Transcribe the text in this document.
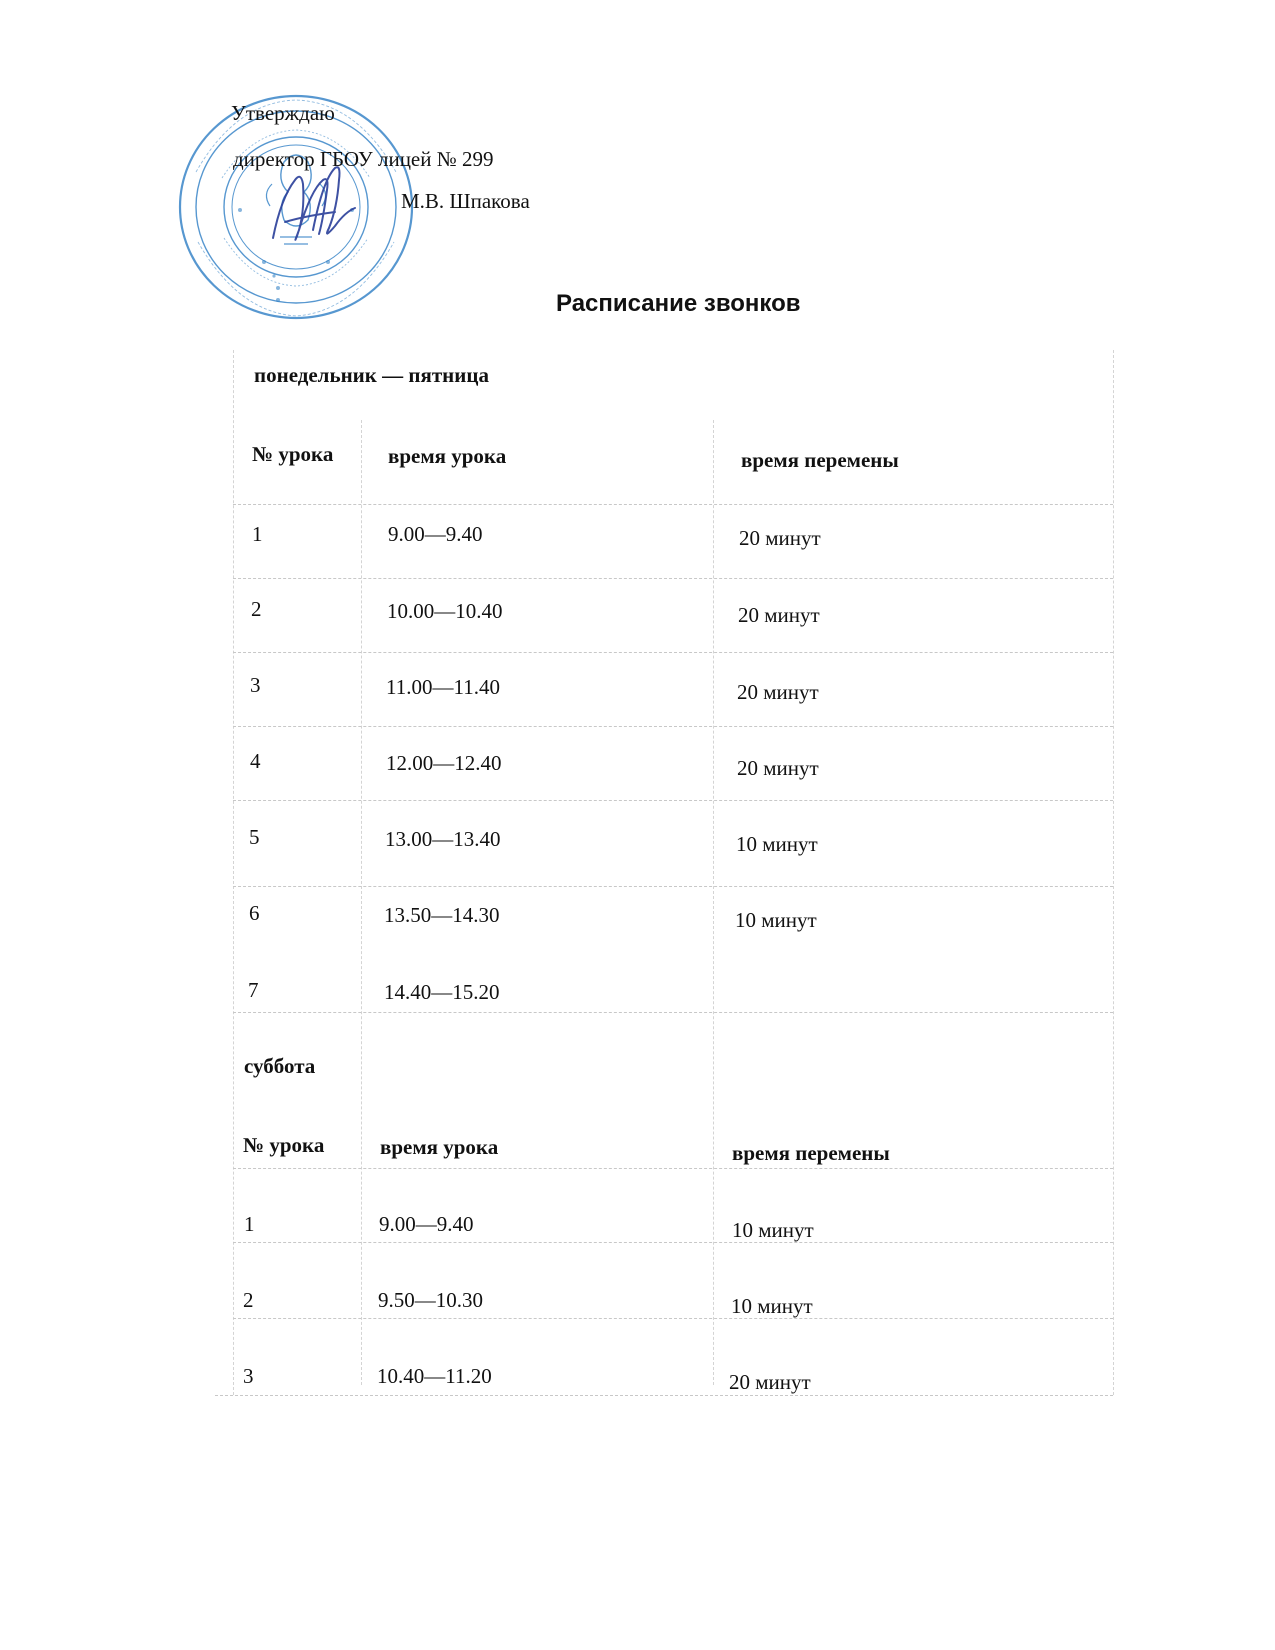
Утверждаю
директор ГБОУ лицей № 299
М.В. Шпакова
Расписание звонков
понедельник — пятница
№ урока	время урока	время перемены
1	9.00—9.40	20 минут
2	10.00—10.40	20 минут
3	11.00—11.40	20 минут
4	12.00—12.40	20 минут
5	13.00—13.40	10 минут
6	13.50—14.30	10 минут
7	14.40—15.20
суббота
№ урока	время урока	время перемены
1	9.00—9.40	10 минут
2	9.50—10.30	10 минут
3	10.40—11.20	20 минут
